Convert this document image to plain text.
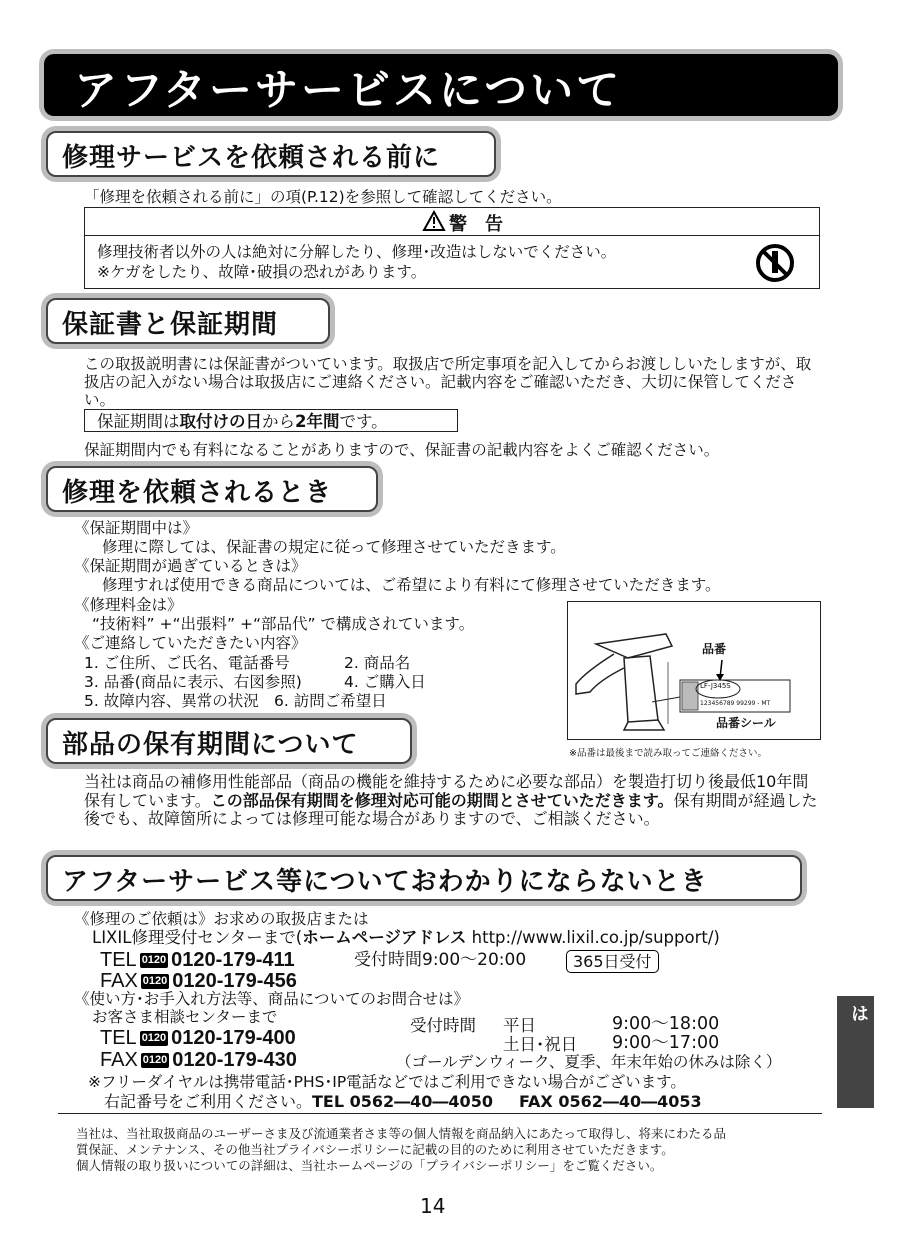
アフターサービスについて
修理サービスを依頼される前に
「修理を依頼される前に」の項(P.12)を参照して確認してください。
警　告
修理技術者以外の人は絶対に分解したり、修理･改造はしないでください。
※ケガをしたり、故障･破損の恐れがあります。
保証書と保証期間
この取扱説明書には保証書がついています。取扱店で所定事項を記入してからお渡ししいたしますが、取扱店の記入がない場合は取扱店にご連絡ください。記載内容をご確認いただき、大切に保管してください。
保証期間は取付けの日から2年間です。
保証期間内でも有料になることがありますので、保証書の記載内容をよくご確認ください。
修理を依頼されるとき
《保証期間中は》
修理に際しては、保証書の規定に従って修理させていただきます。
《保証期間が過ぎているときは》
修理すれば使用できる商品については、ご希望により有料にて修理させていただきます。
《修理料金は》
“技術料” +“出張料” +“部品代” で構成されています。
《ご連絡していただきたい内容》
1. ご住所、ご氏名、電話番号	2. 商品名
3. 品番(商品に表示、右図参照)	4. ご購入日
5. 故障内容、異常の状況 6. 訪問ご希望日
品番
LF-J345S
123456789 99299 - MT
品番シール
※品番は最後まで読み取ってご連絡ください。
部品の保有期間について
当社は商品の補修用性能部品（商品の機能を維持するために必要な部品）を製造打切り後最低10年間保有しています。この部品保有期間を修理対応可能の期間とさせていただきます。保有期間が経過した後でも、故障箇所によっては修理可能な場合がありますので、ご相談ください。
アフターサービス等についておわかりにならないとき
《修理のご依頼は》お求めの取扱店または
LIXIL修理受付センターまで(ホームページアドレス http://www.lixil.co.jp/support/)
TEL 0120 0120-179-411	受付時間9:00～20:00	365日受付
FAX 0120 0120-179-456
《使い方･お手入れ方法等、商品についてのお問合せは》
お客さま相談センターまで
TEL 0120 0120-179-400
FAX 0120 0120-179-430
受付時間 平日	9:00～18:00
土日･祝日 9:00～17:00
（ゴールデンウィーク、夏季、年末年始の休みは除く）
※フリーダイヤルは携帯電話･PHS･IP電話などではご利用できない場合がございます。
右記番号をご利用ください。TEL 0562―40―4050 FAX 0562―40―4053
当社は、当社取扱商品のユーザーさま及び流通業者さま等の個人情報を商品納入にあたって取得し、将来にわたる品
質保証、メンテナンス、その他当社プライバシーポリシーに記載の目的のために利用させていただきます。
個人情報の取り扱いについての詳細は、当社ホームページの「プライバシーポリシー」をご覧ください。
こんなときは
14
